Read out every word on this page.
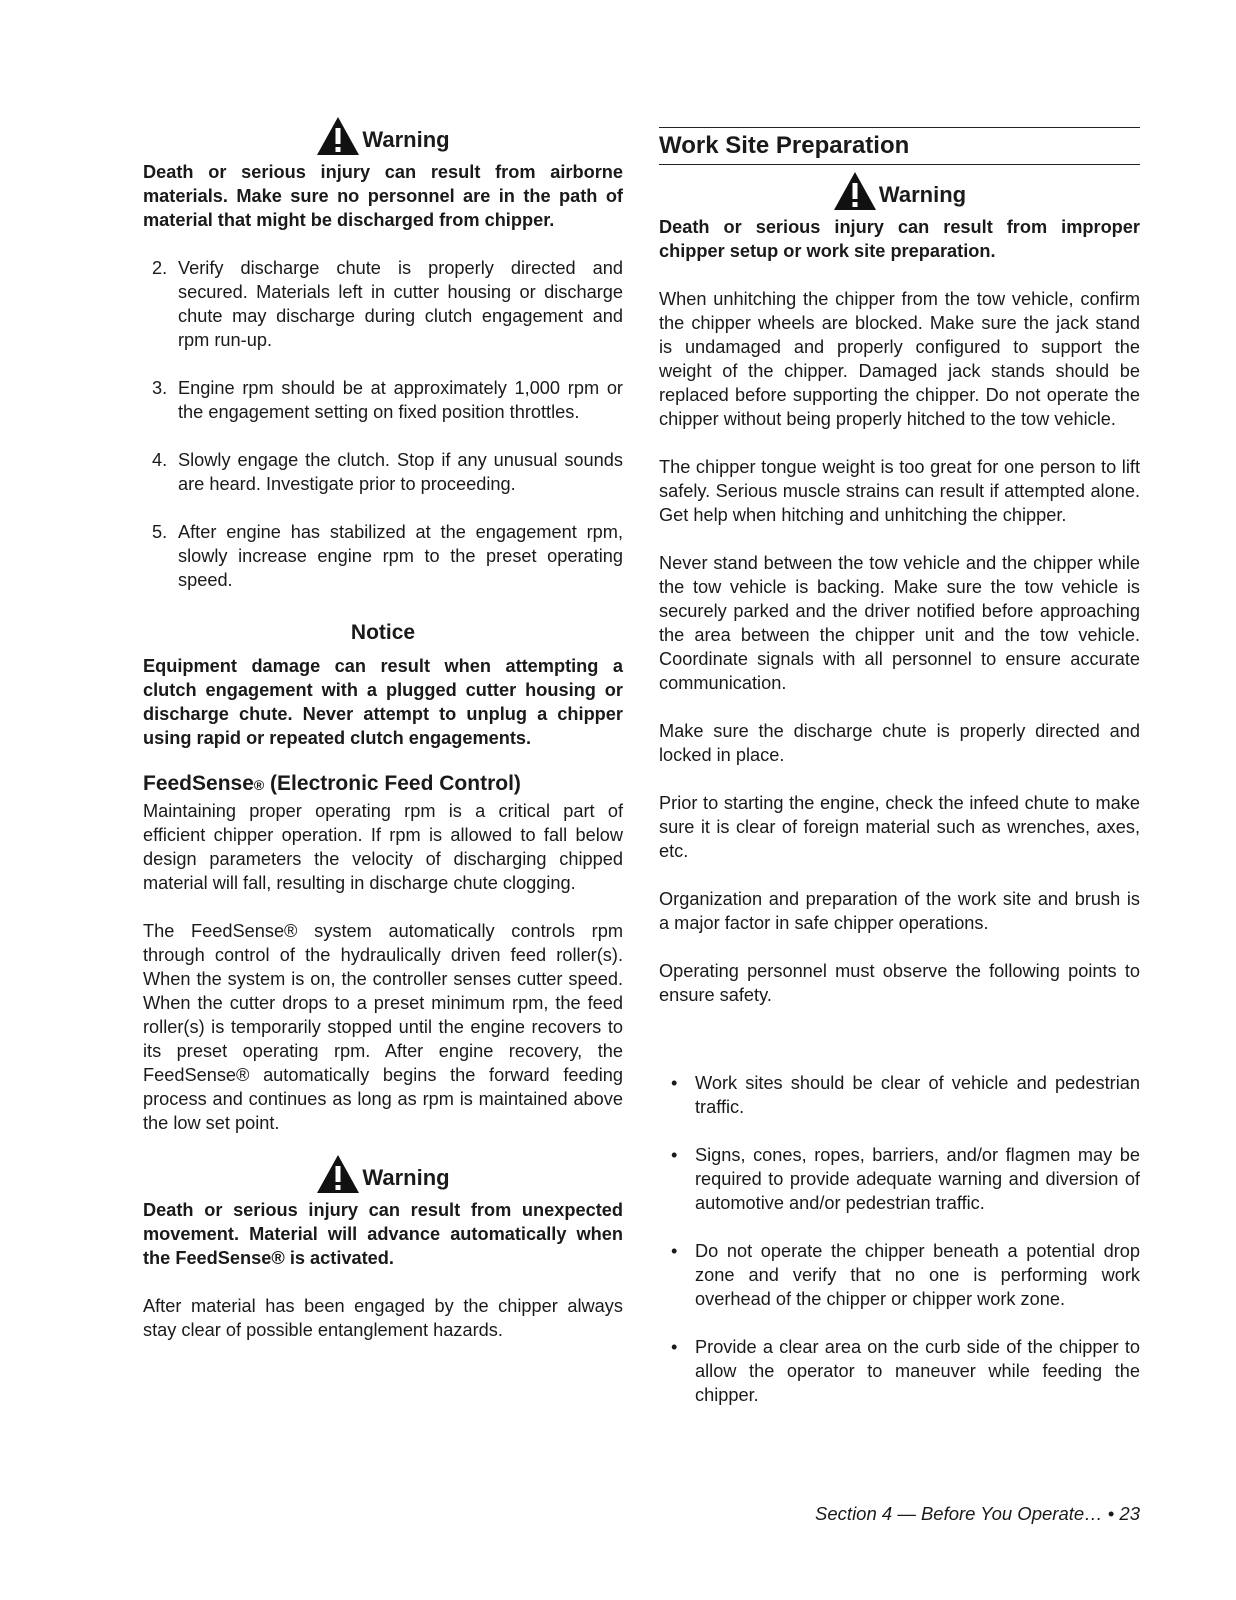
Warning

Death or serious injury can result from airborne materials. Make sure no personnel are in the path of material that might be discharged from chipper.

2. Verify discharge chute is properly directed and secured. Materials left in cutter housing or discharge chute may discharge during clutch engagement and rpm run-up.
3. Engine rpm should be at approximately 1,000 rpm or the engagement setting on fixed position throttles.
4. Slowly engage the clutch. Stop if any unusual sounds are heard. Investigate prior to proceeding.
5. After engine has stabilized at the engagement rpm, slowly increase engine rpm to the preset operating speed.
Notice

Equipment damage can result when attempting a clutch engagement with a plugged cutter housing or discharge chute. Never attempt to unplug a chipper using rapid or repeated clutch engagements.

FeedSense® (Electronic Feed Control)

Maintaining proper operating rpm is a critical part of efficient chipper operation. If rpm is allowed to fall below design parameters the velocity of discharging chipped material will fall, resulting in discharge chute clogging.

The FeedSense® system automatically controls rpm through control of the hydraulically driven feed roller(s). When the system is on, the controller senses cutter speed. When the cutter drops to a preset minimum rpm, the feed roller(s) is temporarily stopped until the engine recovers to its preset operating rpm. After engine recovery, the FeedSense® automatically begins the forward feeding process and continues as long as rpm is maintained above the low set point.

Warning

Death or serious injury can result from unexpected movement. Material will advance automatically when the FeedSense® is activated.

After material has been engaged by the chipper always stay clear of possible entanglement hazards.

Work Site Preparation
Warning

Death or serious injury can result from improper chipper setup or work site preparation.

When unhitching the chipper from the tow vehicle, confirm the chipper wheels are blocked. Make sure the jack stand is undamaged and properly configured to support the weight of the chipper. Damaged jack stands should be replaced before supporting the chipper. Do not operate the chipper without being properly hitched to the tow vehicle.

The chipper tongue weight is too great for one person to lift safely. Serious muscle strains can result if attempted alone. Get help when hitching and unhitching the chipper.

Never stand between the tow vehicle and the chipper while the tow vehicle is backing. Make sure the tow vehicle is securely parked and the driver notified before approaching the area between the chipper unit and the tow vehicle. Coordinate signals with all personnel to ensure accurate communication.

Make sure the discharge chute is properly directed and locked in place.

Prior to starting the engine, check the infeed chute to make sure it is clear of foreign material such as wrenches, axes, etc.

Organization and preparation of the work site and brush is a major factor in safe chipper operations.

Operating personnel must observe the following points to ensure safety.

• Work sites should be clear of vehicle and pedestrian traffic.
• Signs, cones, ropes, barriers, and/or flagmen may be required to provide adequate warning and diversion of automotive and/or pedestrian traffic.
• Do not operate the chipper beneath a potential drop zone and verify that no one is performing work overhead of the chipper or chipper work zone.
• Provide a clear area on the curb side of the chipper to allow the operator to maneuver while feeding the chipper.
Section 4 — Before You Operate… • 23
